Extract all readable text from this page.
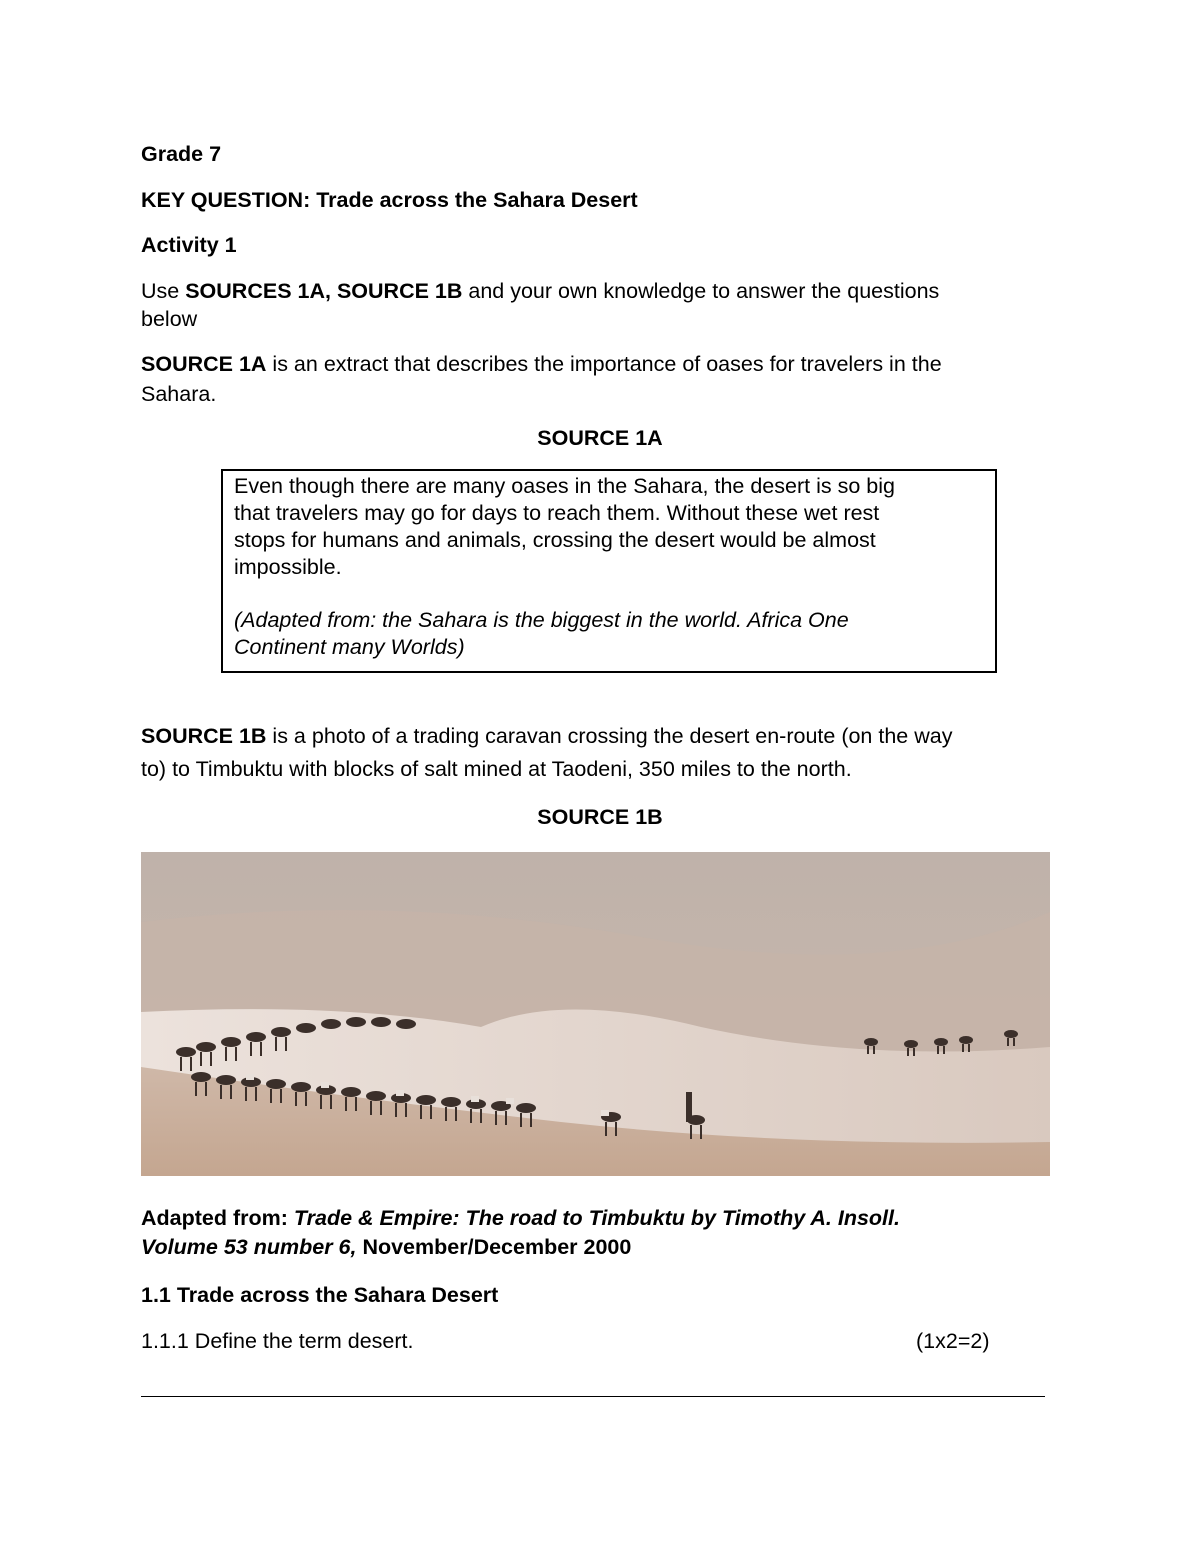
Grade 7

KEY QUESTION: Trade across the Sahara Desert

Activity 1

Use SOURCES 1A, SOURCE 1B and your own knowledge to answer the questions

below

SOURCE 1A is an extract that describes the importance of oases for travelers in the

Sahara.

SOURCE 1A

Even though there are many oases in the Sahara, the desert is so big

that travelers may go for days to reach them. Without these wet rest

stops for humans and animals, crossing the desert would be almost

impossible.

(Adapted from: the Sahara is the biggest in the world. Africa One

Continent many Worlds)

SOURCE 1B is a photo of a trading caravan crossing the desert en-route (on the way

to) to Timbuktu with blocks of salt mined at Taodeni, 350 miles to the north.

SOURCE 1B

Adapted from: Trade & Empire: The road to Timbuktu by Timothy A. Insoll.

Volume 53 number 6, November/December 2000

1.1 Trade across the Sahara Desert

1.1.1 Define the term desert.	(1x2=2)
